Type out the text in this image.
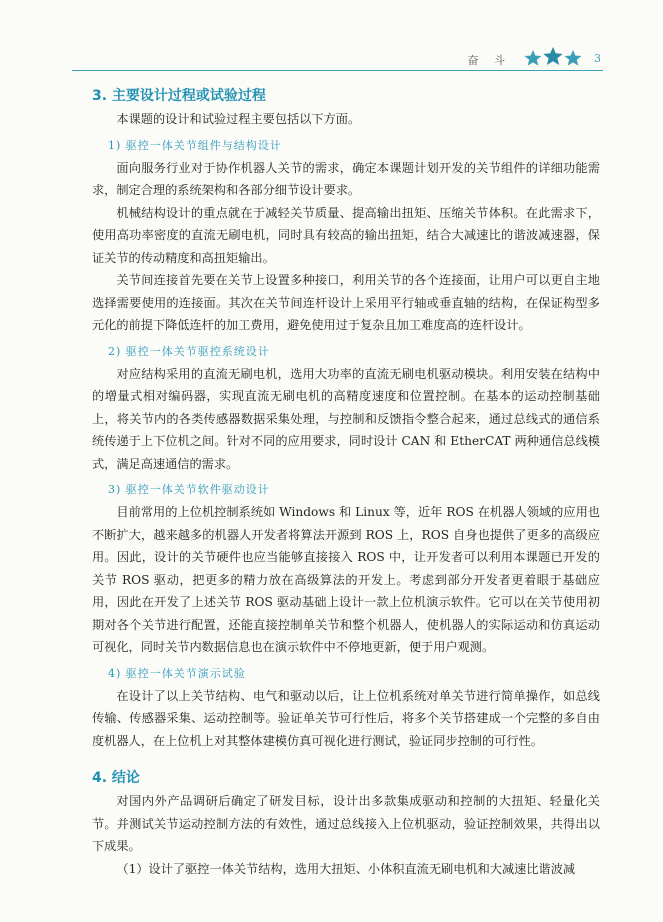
奋 斗	3
3. 主要设计过程或试验过程

本课题的设计和试验过程主要包括以下方面。

1) 驱控一体关节组件与结构设计

面向服务行业对于协作机器人关节的需求，确定本课题计划开发的关节组件的详细功能需求，制定合理的系统架构和各部分细节设计要求。

机械结构设计的重点就在于减轻关节质量、提高输出扭矩、压缩关节体积。在此需求下，使用高功率密度的直流无刷电机，同时具有较高的输出扭矩，结合大减速比的谐波减速器，保证关节的传动精度和高扭矩输出。

关节间连接首先要在关节上设置多种接口，利用关节的各个连接面，让用户可以更自主地选择需要使用的连接面。其次在关节间连杆设计上采用平行轴或垂直轴的结构，在保证构型多元化的前提下降低连杆的加工费用，避免使用过于复杂且加工难度高的连杆设计。

2) 驱控一体关节驱控系统设计

对应结构采用的直流无刷电机，选用大功率的直流无刷电机驱动模块。利用安装在结构中的增量式相对编码器，实现直流无刷电机的高精度速度和位置控制。在基本的运动控制基础上，将关节内的各类传感器数据采集处理，与控制和反馈指令整合起来，通过总线式的通信系统传递于上下位机之间。针对不同的应用要求，同时设计 CAN 和 EtherCAT 两种通信总线模式，满足高速通信的需求。

3) 驱控一体关节软件驱动设计

目前常用的上位机控制系统如 Windows 和 Linux 等，近年 ROS 在机器人领域的应用也不断扩大，越来越多的机器人开发者将算法开源到 ROS 上，ROS 自身也提供了更多的高级应用。因此，设计的关节硬件也应当能够直接接入 ROS 中，让开发者可以利用本课题已开发的关节 ROS 驱动，把更多的精力放在高级算法的开发上。考虑到部分开发者更着眼于基础应用，因此在开发了上述关节 ROS 驱动基础上设计一款上位机演示软件。它可以在关节使用初期对各个关节进行配置，还能直接控制单关节和整个机器人，使机器人的实际运动和仿真运动可视化，同时关节内数据信息也在演示软件中不停地更新，便于用户观测。

4) 驱控一体关节演示试验

在设计了以上关节结构、电气和驱动以后，让上位机系统对单关节进行简单操作，如总线传输、传感器采集、运动控制等。验证单关节可行性后，将多个关节搭建成一个完整的多自由度机器人，在上位机上对其整体建模仿真可视化进行测试，验证同步控制的可行性。

4. 结论

对国内外产品调研后确定了研发目标，设计出多款集成驱动和控制的大扭矩、轻量化关节。并测试关节运动控制方法的有效性，通过总线接入上位机驱动，验证控制效果，共得出以下成果。

（1）设计了驱控一体关节结构，选用大扭矩、小体积直流无刷电机和大减速比谐波减
